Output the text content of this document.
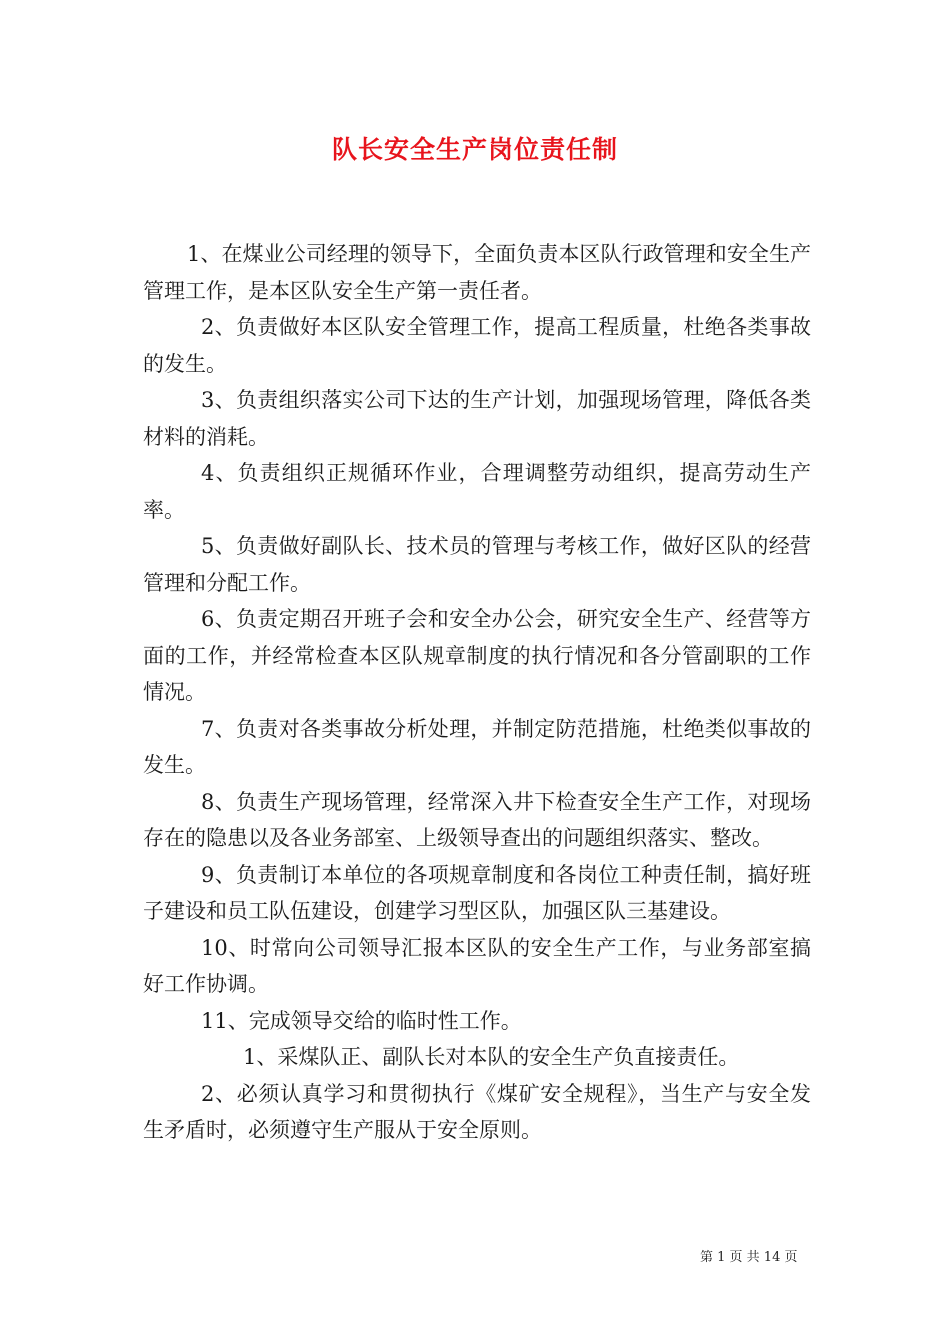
队长安全生产岗位责任制

1、在煤业公司经理的领导下，全面负责本区队行政管理和安全生产管理工作，是本区队安全生产第一责任者。

2、负责做好本区队安全管理工作，提高工程质量，杜绝各类事故的发生。

3、负责组织落实公司下达的生产计划，加强现场管理，降低各类材料的消耗。

4、负责组织正规循环作业，合理调整劳动组织，提高劳动生产率。

5、负责做好副队长、技术员的管理与考核工作，做好区队的经营管理和分配工作。

6、负责定期召开班子会和安全办公会，研究安全生产、经营等方面的工作，并经常检查本区队规章制度的执行情况和各分管副职的工作情况。

7、负责对各类事故分析处理，并制定防范措施，杜绝类似事故的发生。

8、负责生产现场管理，经常深入井下检查安全生产工作，对现场存在的隐患以及各业务部室、上级领导查出的问题组织落实、整改。

9、负责制订本单位的各项规章制度和各岗位工种责任制，搞好班子建设和员工队伍建设，创建学习型区队，加强区队三基建设。

10、时常向公司领导汇报本区队的安全生产工作，与业务部室搞好工作协调。

11、完成领导交给的临时性工作。

1、采煤队正、副队长对本队的安全生产负直接责任。

2、必须认真学习和贯彻执行《煤矿安全规程》，当生产与安全发生矛盾时，必须遵守生产服从于安全原则。

第 1 页 共 14 页
